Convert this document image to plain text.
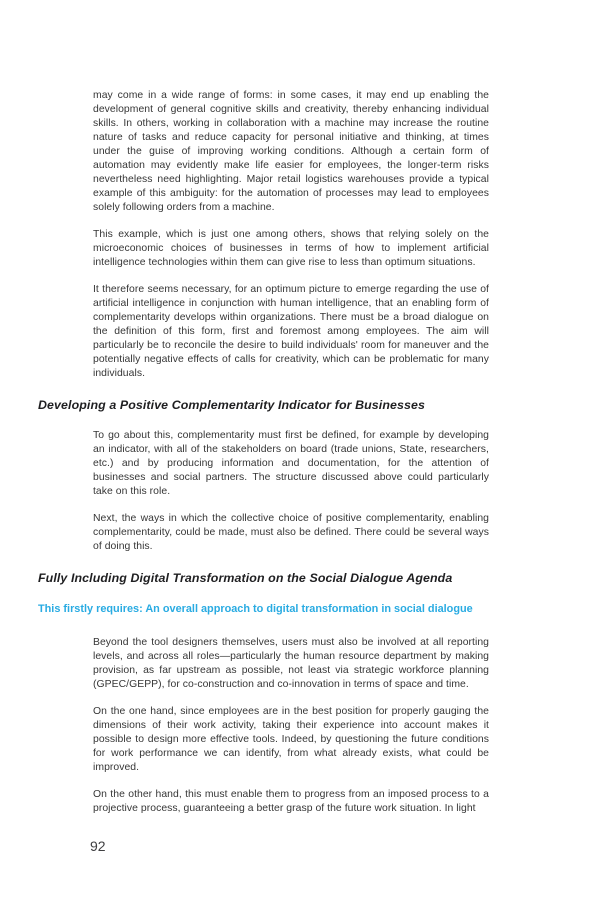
may come in a wide range of forms: in some cases, it may end up enabling the development of general cognitive skills and creativity, thereby enhancing individual skills. In others, working in collaboration with a machine may increase the routine nature of tasks and reduce capacity for personal initiative and thinking, at times under the guise of improving working conditions. Although a certain form of automation may evidently make life easier for employees, the longer-term risks nevertheless need highlighting. Major retail logistics warehouses provide a typical example of this ambiguity: for the automation of processes may lead to employees solely following orders from a machine.

This example, which is just one among others, shows that relying solely on the microeconomic choices of businesses in terms of how to implement artificial intelligence technologies within them can give rise to less than optimum situations.

It therefore seems necessary, for an optimum picture to emerge regarding the use of artificial intelligence in conjunction with human intelligence, that an enabling form of complementarity develops within organizations. There must be a broad dialogue on the definition of this form, first and foremost among employees. The aim will particularly be to reconcile the desire to build individuals' room for maneuver and the potentially negative effects of calls for creativity, which can be problematic for many individuals.

Developing a Positive Complementarity Indicator for Businesses

To go about this, complementarity must first be defined, for example by developing an indicator, with all of the stakeholders on board (trade unions, State, researchers, etc.) and by producing information and documentation, for the attention of businesses and social partners. The structure discussed above could particularly take on this role.

Next, the ways in which the collective choice of positive complementarity, enabling complementarity, could be made, must also be defined. There could be several ways of doing this.

Fully Including Digital Transformation on the Social Dialogue Agenda
This firstly requires: An overall approach to digital transformation in social dialogue

Beyond the tool designers themselves, users must also be involved at all reporting levels, and across all roles—particularly the human resource department by making provision, as far upstream as possible, not least via strategic workforce planning (GPEC/GEPP), for co-construction and co-innovation in terms of space and time.

On the one hand, since employees are in the best position for properly gauging the dimensions of their work activity, taking their experience into account makes it possible to design more effective tools. Indeed, by questioning the future conditions for work performance we can identify, from what already exists, what could be improved.

On the other hand, this must enable them to progress from an imposed process to a projective process, guaranteeing a better grasp of the future work situation. In light

92
